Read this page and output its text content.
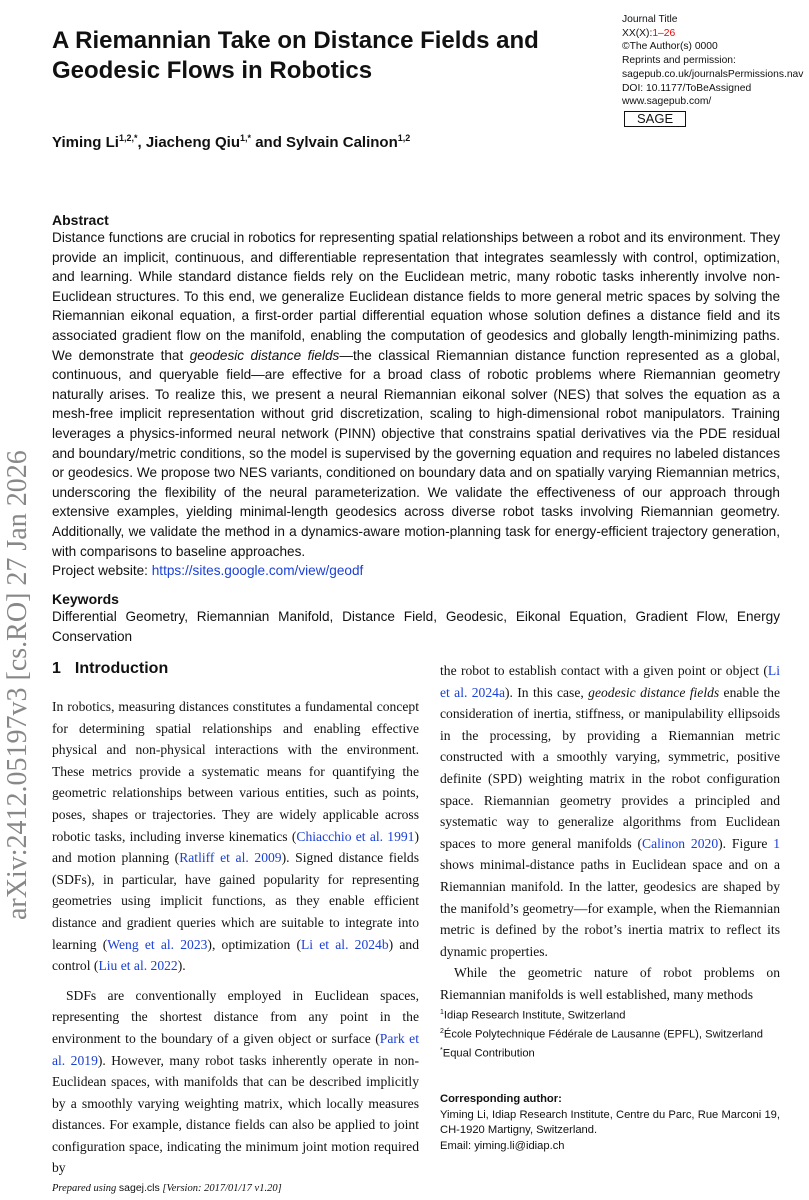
arXiv:2412.05197v3 [cs.RO] 27 Jan 2026
A Riemannian Take on Distance Fields and Geodesic Flows in Robotics
Yiming $Li^{1,2,*}$, Jiacheng Qiu$^{1,*}$ and Sylvain Calinon$^{1,2}$
Journal Title
XX(X):1–26
©The Author(s) 0000
Reprints and permission:
sagepub.co.uk/journalsPermissions.nav
DOI: 10.1177/ToBeAssigned
www.sagepub.com/
SAGE
Abstract

Distance functions are crucial in robotics for representing spatial relationships between a robot and its environment. They provide an implicit, continuous, and differentiable representation that integrates seamlessly with control, optimization, and learning. While standard distance fields rely on the Euclidean metric, many robotic tasks inherently involve non-Euclidean structures. To this end, we generalize Euclidean distance fields to more general metric spaces by solving the Riemannian eikonal equation, a first-order partial differential equation whose solution defines a distance field and its associated gradient flow on the manifold, enabling the computation of geodesics and globally length-minimizing paths. We demonstrate that geodesic distance fields—the classical Riemannian distance function represented as a global, continuous, and queryable field—are effective for a broad class of robotic problems where Riemannian geometry naturally arises. To realize this, we present a neural Riemannian eikonal solver (NES) that solves the equation as a mesh-free implicit representation without grid discretization, scaling to high-dimensional robot manipulators. Training leverages a physics-informed neural network (PINN) objective that constrains spatial derivatives via the PDE residual and boundary/metric conditions, so the model is supervised by the governing equation and requires no labeled distances or geodesics. We propose two NES variants, conditioned on boundary data and on spatially varying Riemannian metrics, underscoring the flexibility of the neural parameterization. We validate the effectiveness of our approach through extensive examples, yielding minimal-length geodesics across diverse robot tasks involving Riemannian geometry. Additionally, we validate the method in a dynamics-aware motion-planning task for energy-efficient trajectory generation, with comparisons to baseline approaches.

Project website: https://sites.google.com/view/geodf
Keywords
Differential Geometry, Riemannian Manifold, Distance Field, Geodesic, Eikonal Equation, Gradient Flow, Energy Conservation
1 Introduction

In robotics, measuring distances constitutes a fundamental concept for determining spatial relationships and enabling effective physical and non-physical interactions with the environment. These metrics provide a systematic means for quantifying the geometric relationships between various entities, such as points, poses, shapes or trajectories. They are widely applicable across robotic tasks, including inverse kinematics (Chiacchio et al. 1991) and motion planning (Ratliff et al. 2009). Signed distance fields (SDFs), in particular, have gained popularity for representing geometries using implicit functions, as they enable efficient distance and gradient queries which are suitable to integrate into learning (Weng et al. 2023), optimization (Li et al. 2024b) and control (Liu et al. 2022).

SDFs are conventionally employed in Euclidean spaces, representing the shortest distance from any point in the environment to the boundary of a given object or surface (Park et al. 2019). However, many robot tasks inherently operate in non-Euclidean spaces, with manifolds that can be described implicitly by a smoothly varying weighting matrix, which locally measures distances. For example, distance fields can also be applied to joint configuration space, indicating the minimum joint motion required by

the robot to establish contact with a given point or object (Li et al. 2024a). In this case, geodesic distance fields enable the consideration of inertia, stiffness, or manipulability ellipsoids in the processing, by providing a Riemannian metric constructed with a smoothly varying, symmetric, positive definite (SPD) weighting matrix in the robot configuration space. Riemannian geometry provides a principled and systematic way to generalize algorithms from Euclidean spaces to more general manifolds (Calinon 2020). Figure 1 shows minimal-distance paths in Euclidean space and on a Riemannian manifold. In the latter, geodesics are shaped by the manifold’s geometry—for example, when the Riemannian metric is defined by the robot’s inertia matrix to reflect its dynamic properties.

While the geometric nature of robot problems on Riemannian manifolds is well established, many methods

$^1$Idiap Research Institute, Switzerland
$^2$École Polytechnique Fédérale de Lausanne (EPFL), Switzerland
*Equal Contribution
Corresponding author:
Yiming Li, Idiap Research Institute, Centre du Parc, Rue Marconi 19, CH-1920 Martigny, Switzerland.
Email: yiming.li@idiap.ch
Prepared using sagej.cls [Version: 2017/01/17 v1.20]
